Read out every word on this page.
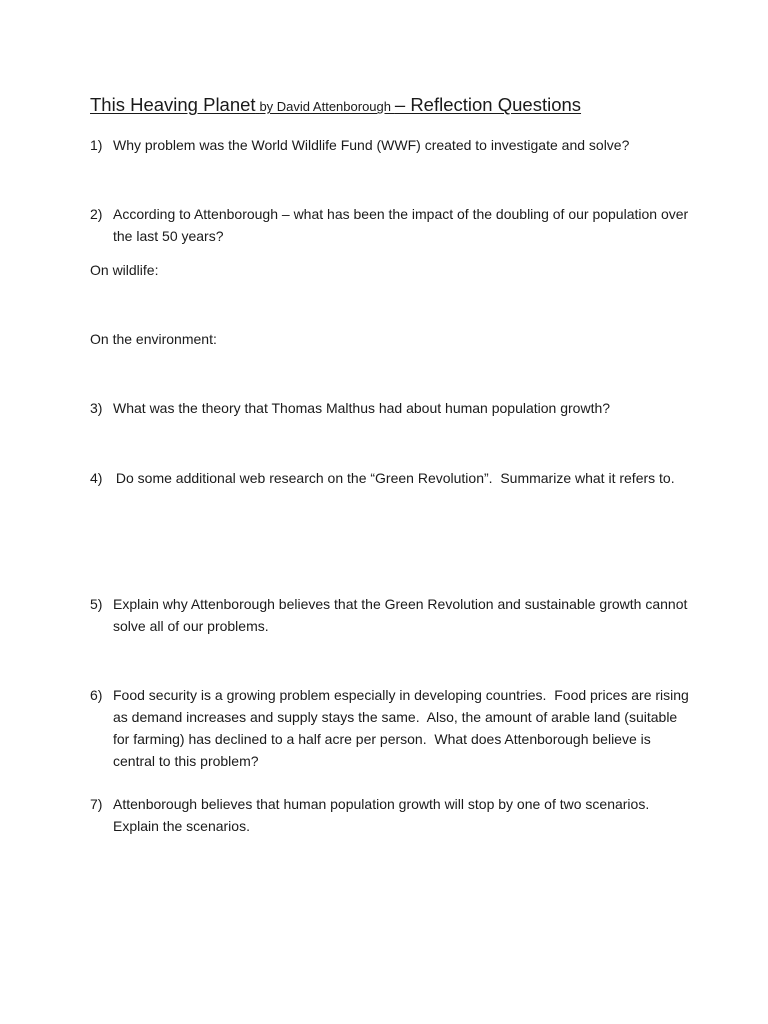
This Heaving Planet by David Attenborough – Reflection Questions
1) Why problem was the World Wildlife Fund (WWF) created to investigate and solve?
2) According to Attenborough – what has been the impact of the doubling of our population over the last 50 years?
On wildlife:
On the environment:
3) What was the theory that Thomas Malthus had about human population growth?
4) Do some additional web research on the “Green Revolution”.  Summarize what it refers to.
5) Explain why Attenborough believes that the Green Revolution and sustainable growth cannot solve all of our problems.
6) Food security is a growing problem especially in developing countries.  Food prices are rising as demand increases and supply stays the same.  Also, the amount of arable land (suitable for farming) has declined to a half acre per person.  What does Attenborough believe is central to this problem?
7) Attenborough believes that human population growth will stop by one of two scenarios.  Explain the scenarios.
